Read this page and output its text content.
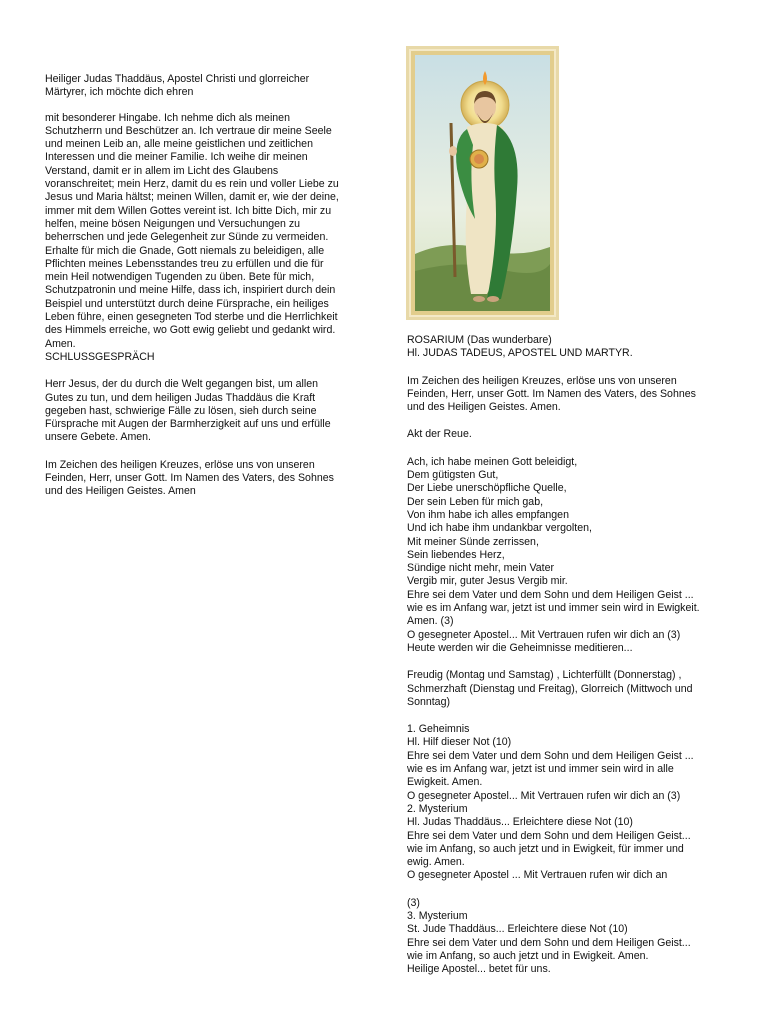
Heiliger Judas Thaddäus, Apostel Christi und glorreicher
Märtyrer, ich möchte dich ehren

mit besonderer Hingabe. Ich nehme dich als meinen
Schutzherrn und Beschützer an. Ich vertraue dir meine Seele
und meinen Leib an, alle meine geistlichen und zeitlichen
Interessen und die meiner Familie. Ich weihe dir meinen
Verstand, damit er in allem im Licht des Glaubens
voranschreitet; mein Herz, damit du es rein und voller Liebe zu
Jesus und Maria hältst; meinen Willen, damit er, wie der deine,
immer mit dem Willen Gottes vereint ist. Ich bitte Dich, mir zu
helfen, meine bösen Neigungen und Versuchungen zu
beherrschen und jede Gelegenheit zur Sünde zu vermeiden.
Erhalte für mich die Gnade, Gott niemals zu beleidigen, alle
Pflichten meines Lebensstandes treu zu erfüllen und die für
mein Heil notwendigen Tugenden zu üben. Bete für mich,
Schutzpatronin und meine Hilfe, dass ich, inspiriert durch dein
Beispiel und unterstützt durch deine Fürsprache, ein heiliges
Leben führe, einen gesegneten Tod sterbe und die Herrlichkeit
des Himmels erreiche, wo Gott ewig geliebt und gedankt wird.
Amen.

SCHLUSSGESPRÄCH

Herr Jesus, der du durch die Welt gegangen bist, um allen
Gutes zu tun, und dem heiligen Judas Thaddäus die Kraft
gegeben hast, schwierige Fälle zu lösen, sieh durch seine
Fürsprache mit Augen der Barmherzigkeit auf uns und erfülle
unsere Gebete. Amen.

Im Zeichen des heiligen Kreuzes, erlöse uns von unseren
Feinden, Herr, unser Gott. Im Namen des Vaters, des Sohnes
und des Heiligen Geistes. Amen

ROSARIUM (Das wunderbare)

Hl. JUDAS TADEUS, APOSTEL UND MARTYR.

Im Zeichen des heiligen Kreuzes, erlöse uns von unseren
Feinden, Herr, unser Gott. Im Namen des Vaters, des Sohnes
und des Heiligen Geistes. Amen.

Akt der Reue.

Ach, ich habe meinen Gott beleidigt,
Dem gütigsten Gut,
Der Liebe unerschöpfliche Quelle,
Der sein Leben für mich gab,
Von ihm habe ich alles empfangen
Und ich habe ihm undankbar vergolten,
Mit meiner Sünde zerrissen,
Sein liebendes Herz,
Sündige nicht mehr, mein Vater
Vergib mir, guter Jesus Vergib mir.
Ehre sei dem Vater und dem Sohn und dem Heiligen Geist ...
wie es im Anfang war, jetzt ist und immer sein wird in Ewigkeit.
Amen. (3)
O gesegneter Apostel... Mit Vertrauen rufen wir dich an (3)
Heute werden wir die Geheimnisse meditieren...

Freudig (Montag und Samstag) , Lichterfüllt (Donnerstag) ,
Schmerzhaft (Dienstag und Freitag), Glorreich (Mittwoch und
Sonntag)

1. Geheimnis
Hl. Hilf dieser Not (10)
Ehre sei dem Vater und dem Sohn und dem Heiligen Geist ...
wie es im Anfang war, jetzt ist und immer sein wird in alle
Ewigkeit. Amen.
O gesegneter Apostel... Mit Vertrauen rufen wir dich an (3)
2. Mysterium
Hl. Judas Thaddäus... Erleichtere diese Not (10)
Ehre sei dem Vater und dem Sohn und dem Heiligen Geist...
wie im Anfang, so auch jetzt und in Ewigkeit, für immer und
ewig. Amen.
O gesegneter Apostel ... Mit Vertrauen rufen wir dich an

(3)
3. Mysterium
St. Jude Thaddäus... Erleichtere diese Not (10)
Ehre sei dem Vater und dem Sohn und dem Heiligen Geist...
wie im Anfang, so auch jetzt und in Ewigkeit. Amen.
Heilige Apostel... betet für uns.
